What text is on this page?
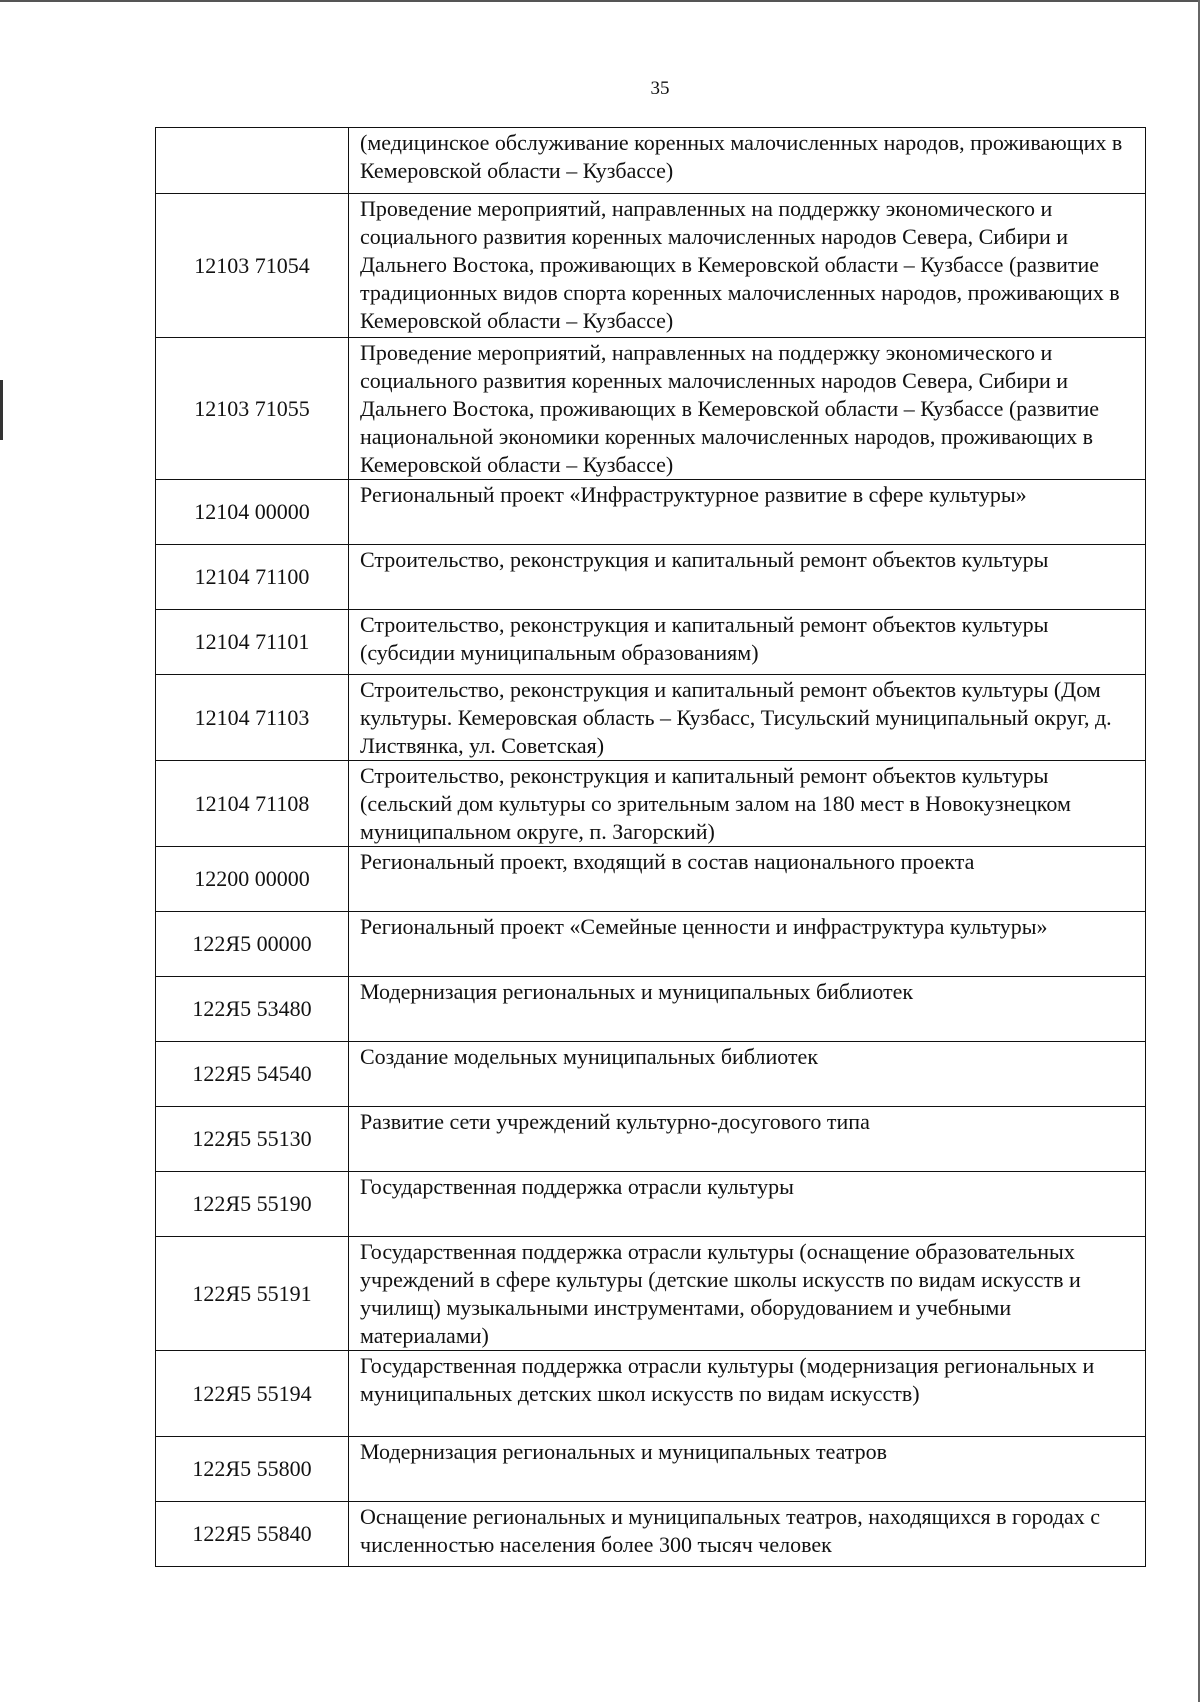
35
	(медицинское обслуживание коренных малочисленных народов, проживающих в Кемеровской области – Кузбассе)
12103 71054	Проведение мероприятий, направленных на поддержку экономического и социального развития коренных малочисленных народов Севера, Сибири и Дальнего Востока, проживающих в Кемеровской области – Кузбассе (развитие традиционных видов спорта коренных малочисленных народов, проживающих в Кемеровской области – Кузбассе)
12103 71055	Проведение мероприятий, направленных на поддержку экономического и социального развития коренных малочисленных народов Севера, Сибири и Дальнего Востока, проживающих в Кемеровской области – Кузбассе (развитие национальной экономики коренных малочисленных народов, проживающих в Кемеровской области – Кузбассе)
12104 00000	Региональный проект «Инфраструктурное развитие в сфере культуры»
12104 71100	Строительство, реконструкция и капитальный ремонт объектов культуры
12104 71101	Строительство, реконструкция и капитальный ремонт объектов культуры (субсидии муниципальным образованиям)
12104 71103	Строительство, реконструкция и капитальный ремонт объектов культуры (Дом культуры. Кемеровская область – Кузбасс, Тисульский муниципальный округ, д. Листвянка, ул. Советская)
12104 71108	Строительство, реконструкция и капитальный ремонт объектов культуры (сельский дом культуры со зрительным залом на 180 мест в Новокузнецком муниципальном округе, п. Загорский)
12200 00000	Региональный проект, входящий в состав национального проекта
122Я5 00000	Региональный проект «Семейные ценности и инфраструктура культуры»
122Я5 53480	Модернизация региональных и муниципальных библиотек
122Я5 54540	Создание модельных муниципальных библиотек
122Я5 55130	Развитие сети учреждений культурно-досугового типа
122Я5 55190	Государственная поддержка отрасли культуры
122Я5 55191	Государственная поддержка отрасли культуры (оснащение образовательных учреждений в сфере культуры (детские школы искусств по видам искусств и училищ) музыкальными инструментами, оборудованием и учебными материалами)
122Я5 55194	Государственная поддержка отрасли культуры (модернизация региональных и муниципальных детских школ искусств по видам искусств)
122Я5 55800	Модернизация региональных и муниципальных театров
122Я5 55840	Оснащение региональных и муниципальных театров, находящихся в городах с численностью населения более 300 тысяч человек
